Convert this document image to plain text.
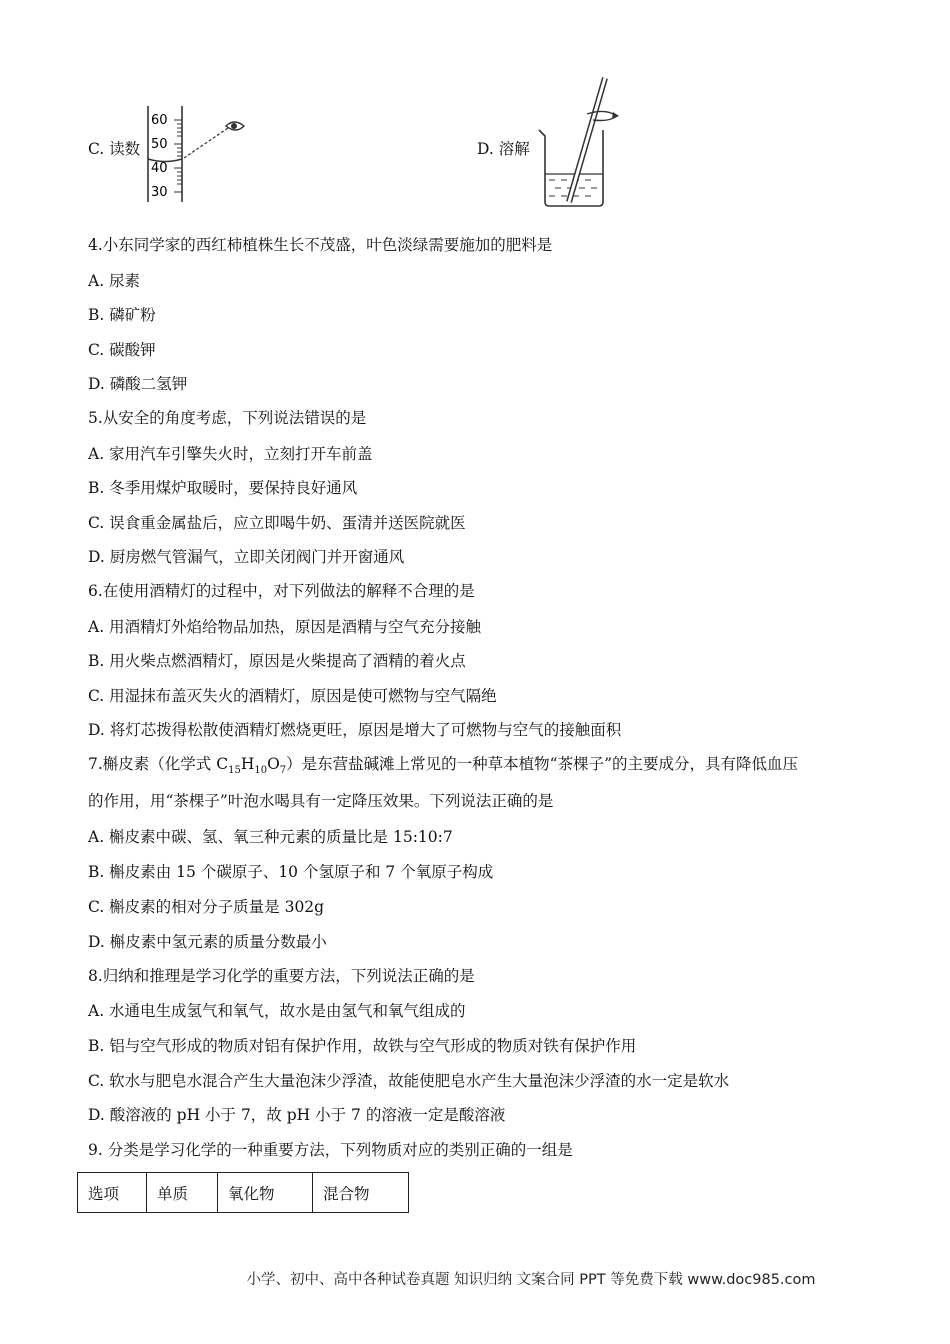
C. 读数
60
50
40
30
D. 溶解
4.小东同学家的西红柿植株生长不茂盛，叶色淡绿需要施加的肥料是
A. 尿素
B. 磷矿粉
C. 碳酸钾
D. 磷酸二氢钾
5.从安全的角度考虑，下列说法错误的是
A. 家用汽车引擎失火时，立刻打开车前盖
B. 冬季用煤炉取暖时，要保持良好通风
C. 误食重金属盐后，应立即喝牛奶、蛋清并送医院就医
D. 厨房燃气管漏气，立即关闭阀门并开窗通风
6.在使用酒精灯的过程中，对下列做法的解释不合理的是
A. 用酒精灯外焰给物品加热，原因是酒精与空气充分接触
B. 用火柴点燃酒精灯，原因是火柴提高了酒精的着火点
C. 用湿抹布盖灭失火的酒精灯，原因是使可燃物与空气隔绝
D. 将灯芯拨得松散使酒精灯燃烧更旺，原因是增大了可燃物与空气的接触面积
7.槲皮素（化学式 $C_{15}H_{10}O_7$）是东营盐碱滩上常见的一种草本植物“茶棵子”的主要成分，具有降低血压
的作用，用“茶棵子”叶泡水喝具有一定降压效果。下列说法正确的是
A. 槲皮素中碳、氢、氧三种元素的质量比是 15:10:7
B. 槲皮素由 15 个碳原子、10 个氢原子和 7 个氧原子构成
C. 槲皮素的相对分子质量是 302g
D. 槲皮素中氢元素的质量分数最小
8.归纳和推理是学习化学的重要方法，下列说法正确的是
A. 水通电生成氢气和氧气，故水是由氢气和氧气组成的
B. 铝与空气形成的物质对铝有保护作用，故铁与空气形成的物质对铁有保护作用
C. 软水与肥皂水混合产生大量泡沫少浮渣，故能使肥皂水产生大量泡沫少浮渣的水一定是软水
D. 酸溶液的 pH 小于 7，故 pH 小于 7 的溶液一定是酸溶液
9. 分类是学习化学的一种重要方法，下列物质对应的类别正确的一组是
选项	单质	氧化物	混合物
小学、初中、高中各种试卷真题 知识归纳 文案合同 PPT 等免费下载 www.doc985.com
